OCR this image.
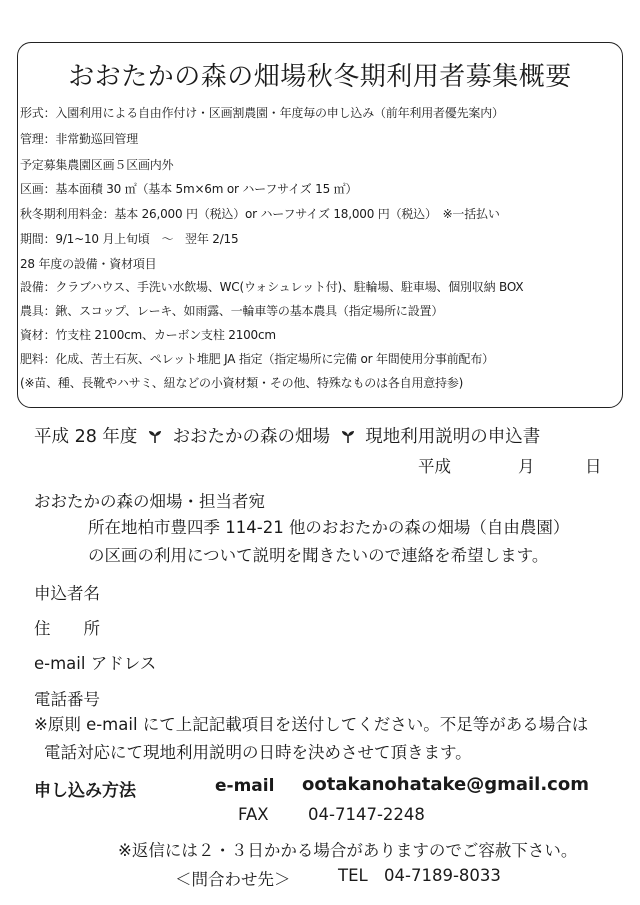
おおたかの森の畑場秋冬期利用者募集概要
形式：入園利用による自由作付け・区画割農園・年度毎の申し込み（前年利用者優先案内）
管理：非常勤巡回管理
予定募集農園区画５区画内外
区画：基本面積 30 ㎡（基本 5m×6m or ハーフサイズ 15 ㎡）
秋冬期利用料金：基本 26,000 円（税込）or ハーフサイズ 18,000 円（税込）　※一括払い
期間：9/1~10 月上旬頃　～　翌年 2/15
28 年度の設備・資材項目
設備：クラブハウス、手洗い水飲場、WC(ウォシュレット付)、駐輪場、駐車場、個別収納 BOX
農具：鍬、スコップ、レーキ、如雨露、一輪車等の基本農具（指定場所に設置）
資材：竹支柱 2100cm、カーボン支柱 2100cm
肥料：化成、苦土石灰、ペレット堆肥 JA 指定（指定場所に完備 or 年間使用分事前配布）
(※苗、種、長靴やハサミ、紐などの小資材類・その他、特殊なものは各自用意持参)
平成 28 年度 おおたかの森の畑場 現地利用説明の申込書
平成	月	日
おおたかの森の畑場・担当者宛
所在地柏市豊四季 114-21 他のおおたかの森の畑場（自由農園）
の区画の利用について説明を聞きたいので連絡を希望します。
申込者名
住　　所
e-mail アドレス
電話番号
※原則 e-mail にて上記記載項目を送付してください。不足等がある場合は
電話対応にて現地利用説明の日時を決めさせて頂きます。
申し込み方法	e-mail ootakanohatake@gmail.com
FAX 04-7147-2248
※返信には２・３日かかる場合がありますのでご容赦下さい。
＜問合わせ先＞	TEL 04-7189-8033
